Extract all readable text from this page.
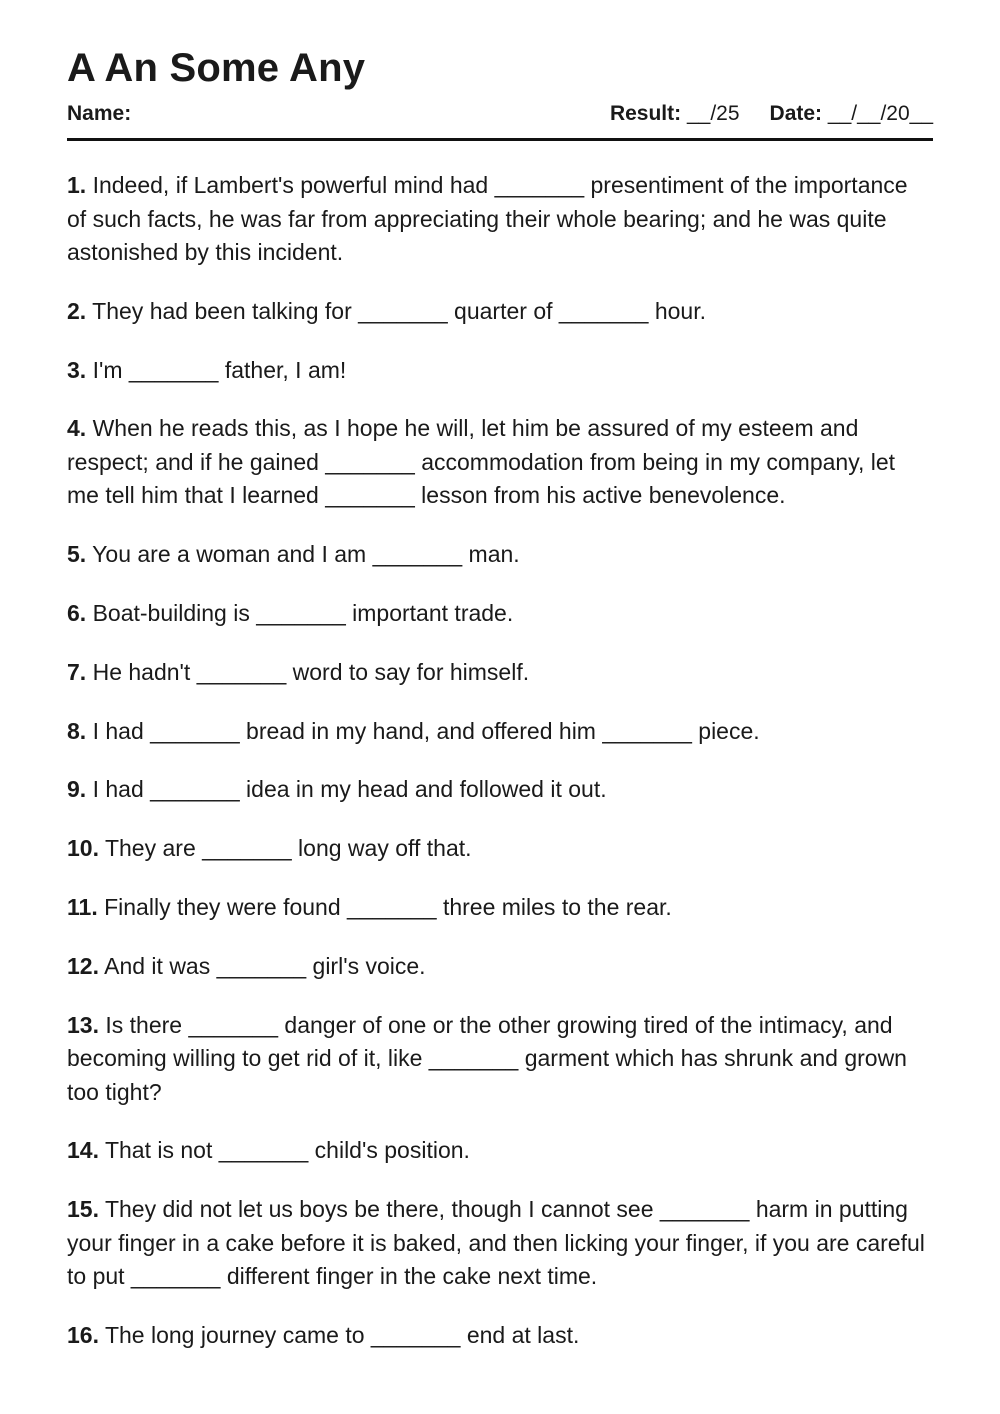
A An Some Any
Name:	Result: __/25 Date: __/__/20__

1. Indeed, if Lambert's powerful mind had _______ presentiment of the importance of such facts, he was far from appreciating their whole bearing; and he was quite astonished by this incident.

2. They had been talking for _______ quarter of _______ hour.

3. I'm _______ father, I am!

4. When he reads this, as I hope he will, let him be assured of my esteem and respect; and if he gained _______ accommodation from being in my company, let me tell him that I learned _______ lesson from his active benevolence.

5. You are a woman and I am _______ man.

6. Boat-building is _______ important trade.

7. He hadn't _______ word to say for himself.

8. I had _______ bread in my hand, and offered him _______ piece.

9. I had _______ idea in my head and followed it out.

10. They are _______ long way off that.

11. Finally they were found _______ three miles to the rear.

12. And it was _______ girl's voice.

13. Is there _______ danger of one or the other growing tired of the intimacy, and becoming willing to get rid of it, like _______ garment which has shrunk and grown too tight?

14. That is not _______ child's position.

15. They did not let us boys be there, though I cannot see _______ harm in putting your finger in a cake before it is baked, and then licking your finger, if you are careful to put _______ different finger in the cake next time.

16. The long journey came to _______ end at last.
